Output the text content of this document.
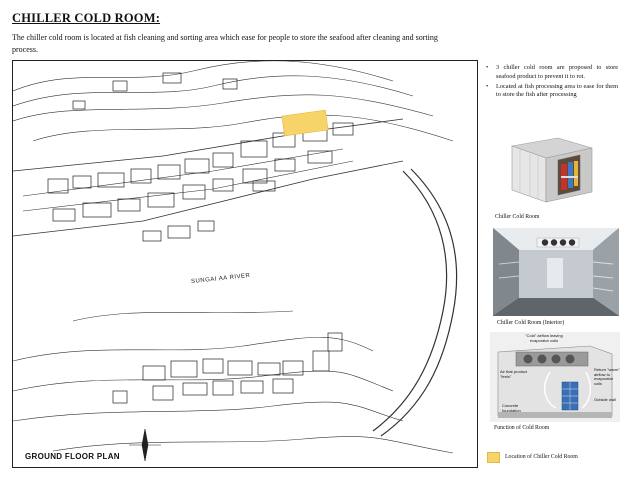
CHILLER COLD ROOM:
The chiller cold room is located at fish cleaning and sorting area which ease for people to store the seafood after cleaning and sorting process.
SUNGAI AA RIVER
GROUND FLOOR PLAN
• 3 chiller cold room are proposed to store seafood product to prevent it to rot.
• Located at fish processing area to ease for them to store the fish after processing
Chiller Cold Room
Chiller Cold Room (Interior)
"Cold" airflow leaving evaporator coils
Return "warm" airflow to evaporator coils
Air that product "feels"
Concrete foundation
Outside wall
Function of Cold Room
Location of Chiller Cold Room
